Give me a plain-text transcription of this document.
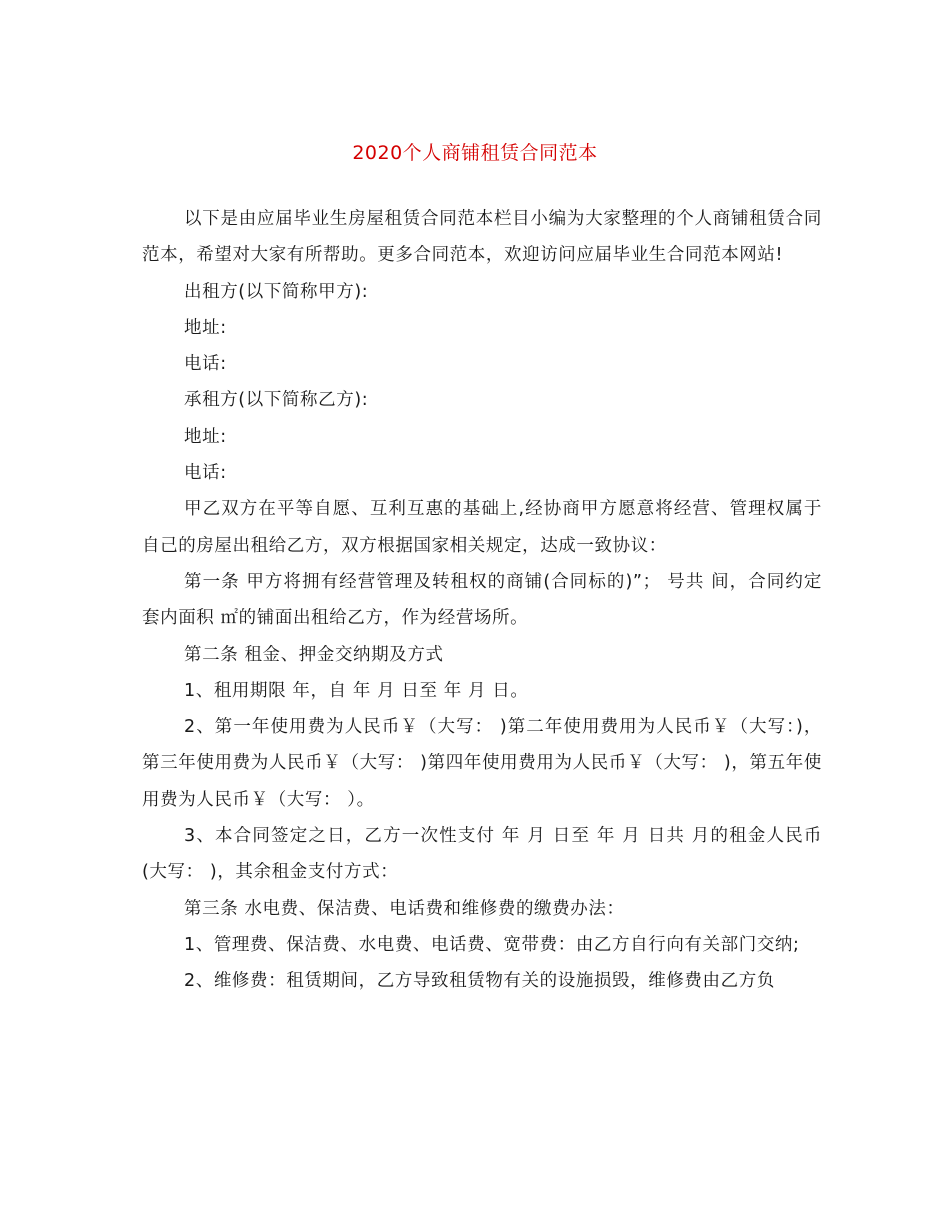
2020个人商铺租赁合同范本

以下是由应届毕业生房屋租赁合同范本栏目小编为大家整理的个人商铺租赁合同范本，希望对大家有所帮助。更多合同范本，欢迎访问应届毕业生合同范本网站!

出租方(以下简称甲方):

地址:

电话:

承租方(以下简称乙方):

地址:

电话:

甲乙双方在平等自愿、互利互惠的基础上,经协商甲方愿意将经营、管理权属于自己的房屋出租给乙方，双方根据国家相关规定，达成一致协议：

第一条 甲方将拥有经营管理及转租权的商铺(合同标的)”； 号共 间，合同约定套内面积 ㎡的铺面出租给乙方，作为经营场所。

第二条 租金、押金交纳期及方式

1、租用期限 年，自 年 月 日至 年 月 日。

2、第一年使用费为人民币￥（大写： )第二年使用费用为人民币￥（大写：)， 第三年使用费为人民币￥（大写： )第四年使用费用为人民币￥（大写： )，第五年使用费为人民币￥（大写： ）。

3、本合同签定之日，乙方一次性支付 年 月 日至 年 月 日共 月的租金人民币(大写： )，其余租金支付方式：

第三条 水电费、保洁费、电话费和维修费的缴费办法：

1、管理费、保洁费、水电费、电话费、宽带费：由乙方自行向有关部门交纳;

2、维修费：租赁期间，乙方导致租赁物有关的设施损毁，维修费由乙方负
